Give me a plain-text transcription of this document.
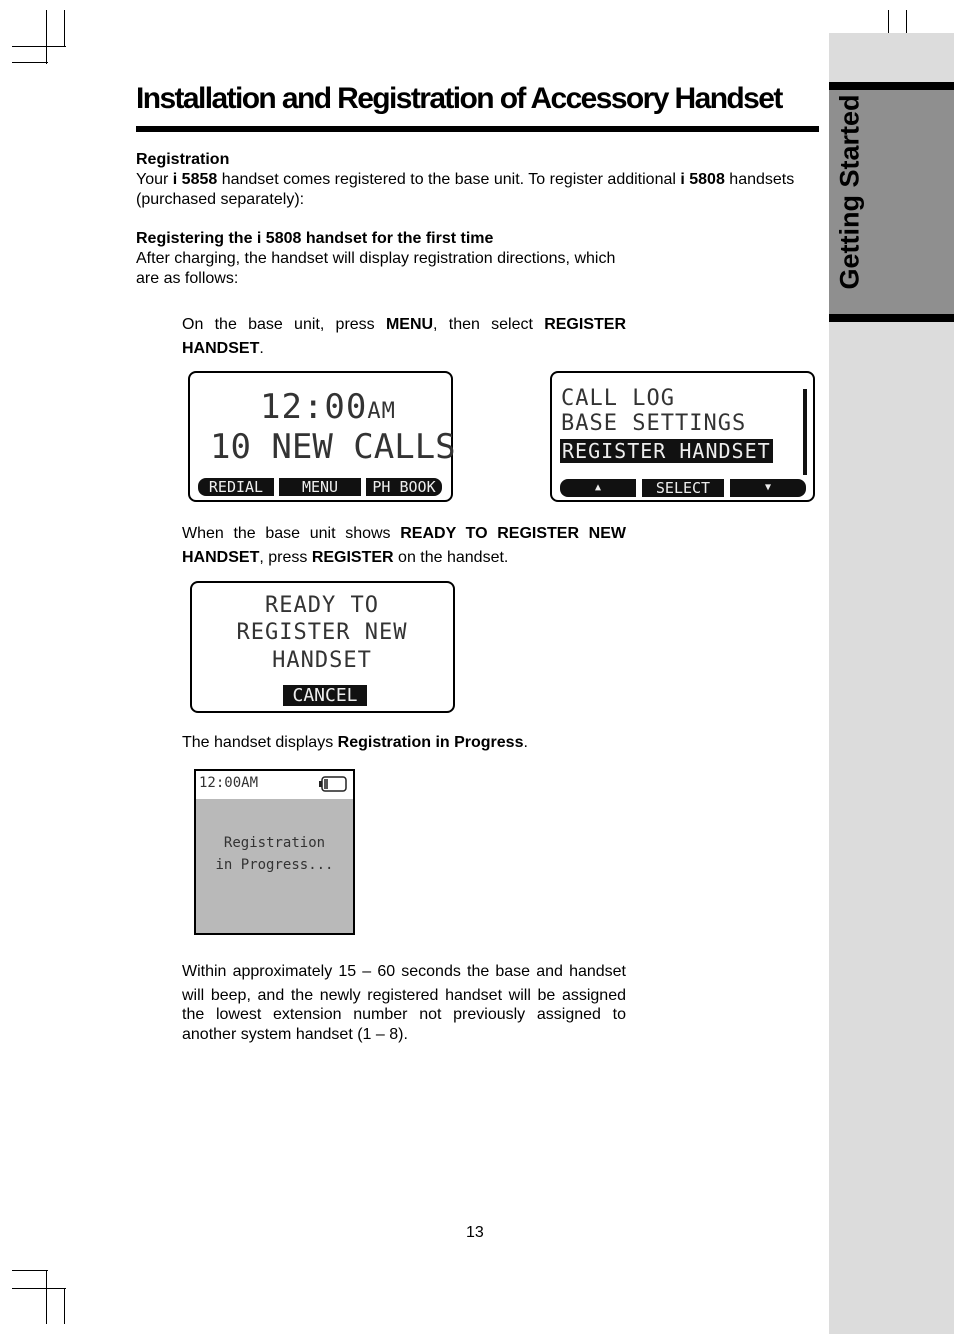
Getting Started
Installation and Registration of Accessory Handset
Registration
Your i 5858 handset comes registered to the base unit. To register additional i 5808 handsets
(purchased separately):
Registering the i 5808 handset for the first time
After charging, the handset will display registration directions, which
are as follows:
On the base unit, press MENU, then select REGISTER
HANDSET.
12:00AM
10 NEW CALLS
REDIAL	MENU	PH BOOK
CALL LOG
BASE SETTINGS
REGISTER HANDSET
▲	SELECT	▼
When the base unit shows READY TO REGISTER NEW
HANDSET, press REGISTER on the handset.
READY TO
REGISTER NEW
HANDSET
CANCEL
The handset displays Registration in Progress.
12:00AM
Registration
in Progress...
Within approximately 15 – 60 seconds the base and handset
will beep, and the newly registered handset will be assigned
the lowest extension number not previously assigned to
another system handset (1 – 8).
13
